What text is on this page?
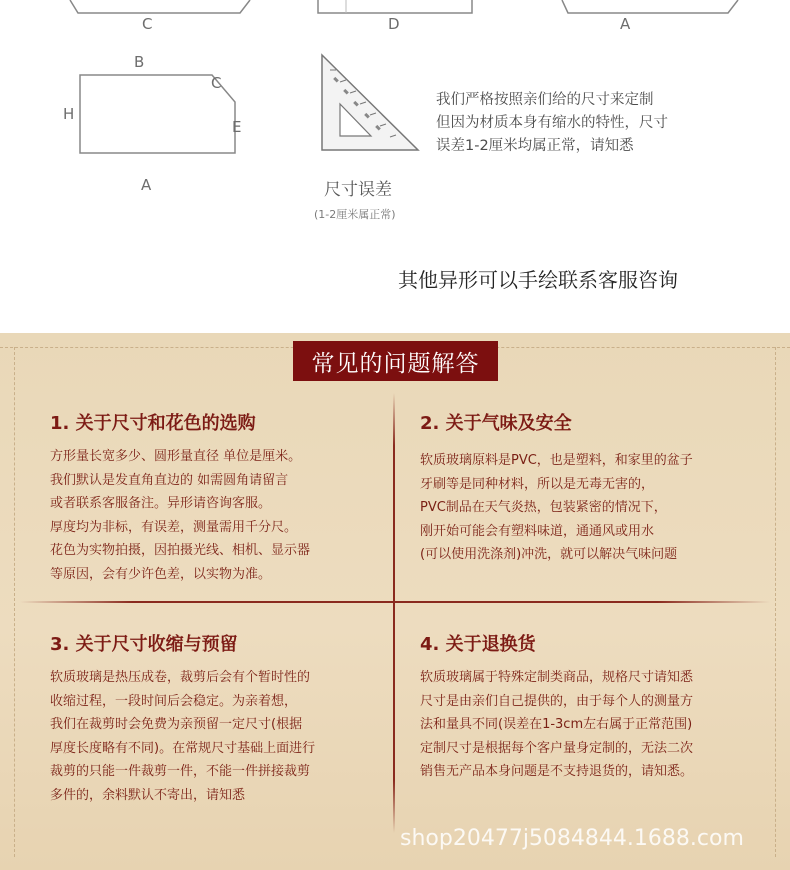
C	D	A
B
C
H
E
A
我们严格按照亲们给的尺寸来定制
但因为材质本身有缩水的特性，尺寸
误差1-2厘米均属正常，请知悉
尺寸误差
(1-2厘米属正常)
其他异形可以手绘联系客服咨询
常见的问题解答
1. 关于尺寸和花色的选购
方形量长宽多少、圆形量直径 单位是厘米。
我们默认是发直角直边的 如需圆角请留言
或者联系客服备注。异形请咨询客服。
厚度均为非标，有误差，测量需用千分尺。
花色为实物拍摄，因拍摄光线、相机、显示器
等原因，会有少许色差，以实物为准。
2. 关于气味及安全
软质玻璃原料是PVC，也是塑料，和家里的盆子
牙刷等是同种材料，所以是无毒无害的，
PVC制品在天气炎热，包装紧密的情况下，
刚开始可能会有塑料味道，通通风或用水
(可以使用洗涤剂)冲洗，就可以解决气味问题
3. 关于尺寸收缩与预留
软质玻璃是热压成卷，裁剪后会有个暂时性的
收缩过程，一段时间后会稳定。为亲着想，
我们在裁剪时会免费为亲预留一定尺寸(根据
厚度长度略有不同)。在常规尺寸基础上面进行
裁剪的只能一件裁剪一件，不能一件拼接裁剪
多件的，余料默认不寄出，请知悉
4. 关于退换货
软质玻璃属于特殊定制类商品，规格尺寸请知悉
尺寸是由亲们自己提供的，由于每个人的测量方
法和量具不同(误差在1-3cm左右属于正常范围)
定制尺寸是根据每个客户量身定制的，无法二次
销售无产品本身问题是不支持退货的，请知悉。
shop2047​7j5084844.1688.com
